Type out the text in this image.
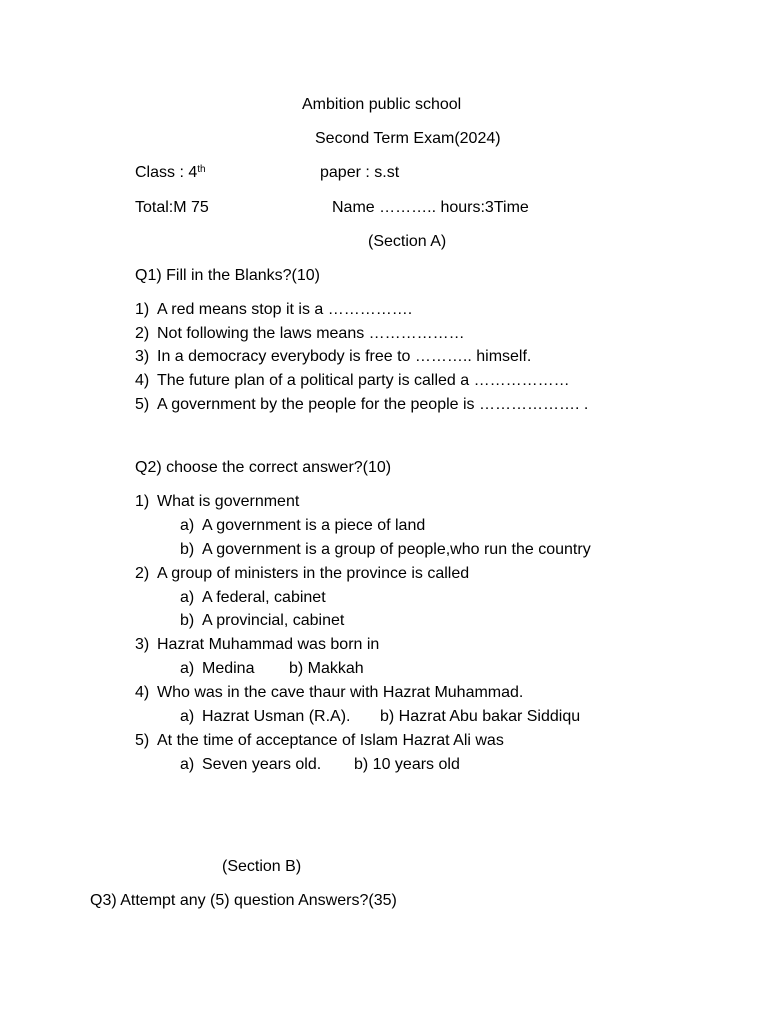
Ambition public school
Second Term Exam(2024)
Class : 4th	paper : s.st
Total:M 75	Name ……….. hours:3Time
(Section A)
Q1) Fill in the Blanks?(10)
1) A red means stop it is a …………….
2) Not following the laws means ………………
3) In a democracy everybody is free to ……….. himself.
4) The future plan of a political party is called a ………………
5) A government by the people for the people is ………………. .
Q2) choose the correct answer?(10)
1) What is government
a) A government is a piece of land
b) A government is a group of people,who run the country
2) A group of ministers in the province is called
a) A federal, cabinet
b) A provincial, cabinet
3) Hazrat Muhammad was born in
a) Medina b) Makkah
4) Who was in the cave thaur with Hazrat Muhammad.
a) Hazrat Usman (R.A). b) Hazrat Abu bakar Siddiqu
5) At the time of acceptance of Islam Hazrat Ali was
a) Seven years old. b) 10 years old
(Section B)
Q3) Attempt any (5) question Answers?(35)
